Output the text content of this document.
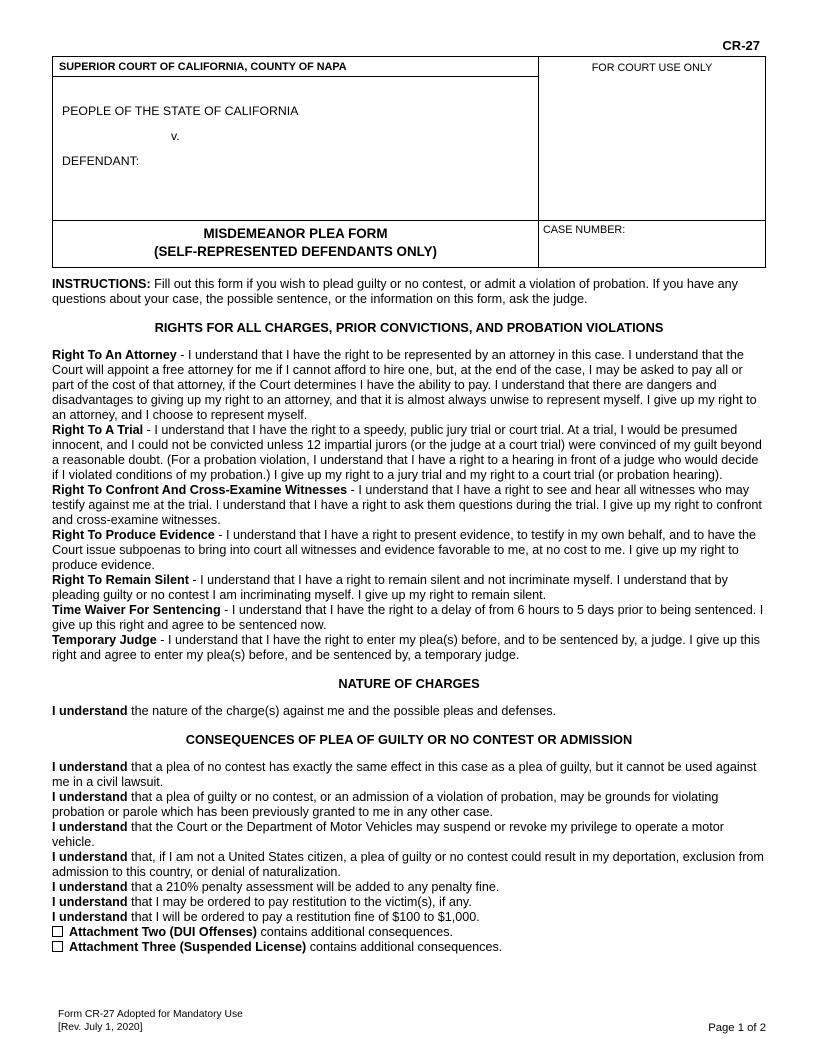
CR-27
SUPERIOR COURT OF CALIFORNIA, COUNTY OF NAPA
PEOPLE OF THE STATE OF CALIFORNIA
v.
DEFENDANT:
FOR COURT USE ONLY
MISDEMEANOR PLEA FORM
(SELF-REPRESENTED DEFENDANTS ONLY)
CASE NUMBER:

INSTRUCTIONS: Fill out this form if you wish to plead guilty or no contest, or admit a violation of probation. If you have any questions about your case, the possible sentence, or the information on this form, ask the judge.

RIGHTS FOR ALL CHARGES, PRIOR CONVICTIONS, AND PROBATION VIOLATIONS

Right To An Attorney - I understand that I have the right to be represented by an attorney in this case. I understand that the Court will appoint a free attorney for me if I cannot afford to hire one, but, at the end of the case, I may be asked to pay all or part of the cost of that attorney, if the Court determines I have the ability to pay. I understand that there are dangers and disadvantages to giving up my right to an attorney, and that it is almost always unwise to represent myself. I give up my right to an attorney, and I choose to represent myself.

Right To A Trial - I understand that I have the right to a speedy, public jury trial or court trial. At a trial, I would be presumed innocent, and I could not be convicted unless 12 impartial jurors (or the judge at a court trial) were convinced of my guilt beyond a reasonable doubt. (For a probation violation, I understand that I have a right to a hearing in front of a judge who would decide if I violated conditions of my probation.) I give up my right to a jury trial and my right to a court trial (or probation hearing).

Right To Confront And Cross-Examine Witnesses - I understand that I have a right to see and hear all witnesses who may testify against me at the trial. I understand that I have a right to ask them questions during the trial. I give up my right to confront and cross-examine witnesses.

Right To Produce Evidence - I understand that I have a right to present evidence, to testify in my own behalf, and to have the Court issue subpoenas to bring into court all witnesses and evidence favorable to me, at no cost to me. I give up my right to produce evidence.

Right To Remain Silent - I understand that I have a right to remain silent and not incriminate myself. I understand that by pleading guilty or no contest I am incriminating myself. I give up my right to remain silent.

Time Waiver For Sentencing - I understand that I have the right to a delay of from 6 hours to 5 days prior to being sentenced. I give up this right and agree to be sentenced now.

Temporary Judge - I understand that I have the right to enter my plea(s) before, and to be sentenced by, a judge. I give up this right and agree to enter my plea(s) before, and be sentenced by, a temporary judge.

NATURE OF CHARGES

I understand the nature of the charge(s) against me and the possible pleas and defenses.

CONSEQUENCES OF PLEA OF GUILTY OR NO CONTEST OR ADMISSION

I understand that a plea of no contest has exactly the same effect in this case as a plea of guilty, but it cannot be used against me in a civil lawsuit.

I understand that a plea of guilty or no contest, or an admission of a violation of probation, may be grounds for violating probation or parole which has been previously granted to me in any other case.

I understand that the Court or the Department of Motor Vehicles may suspend or revoke my privilege to operate a motor vehicle.

I understand that, if I am not a United States citizen, a plea of guilty or no contest could result in my deportation, exclusion from admission to this country, or denial of naturalization.

I understand that a 210% penalty assessment will be added to any penalty fine.

I understand that I may be ordered to pay restitution to the victim(s), if any.

I understand that I will be ordered to pay a restitution fine of $100 to $1,000.

Attachment Two (DUI Offenses) contains additional consequences.

Attachment Three (Suspended License) contains additional consequences.

Form CR-27 Adopted for Mandatory Use
[Rev. July 1, 2020]	Page 1 of 2
